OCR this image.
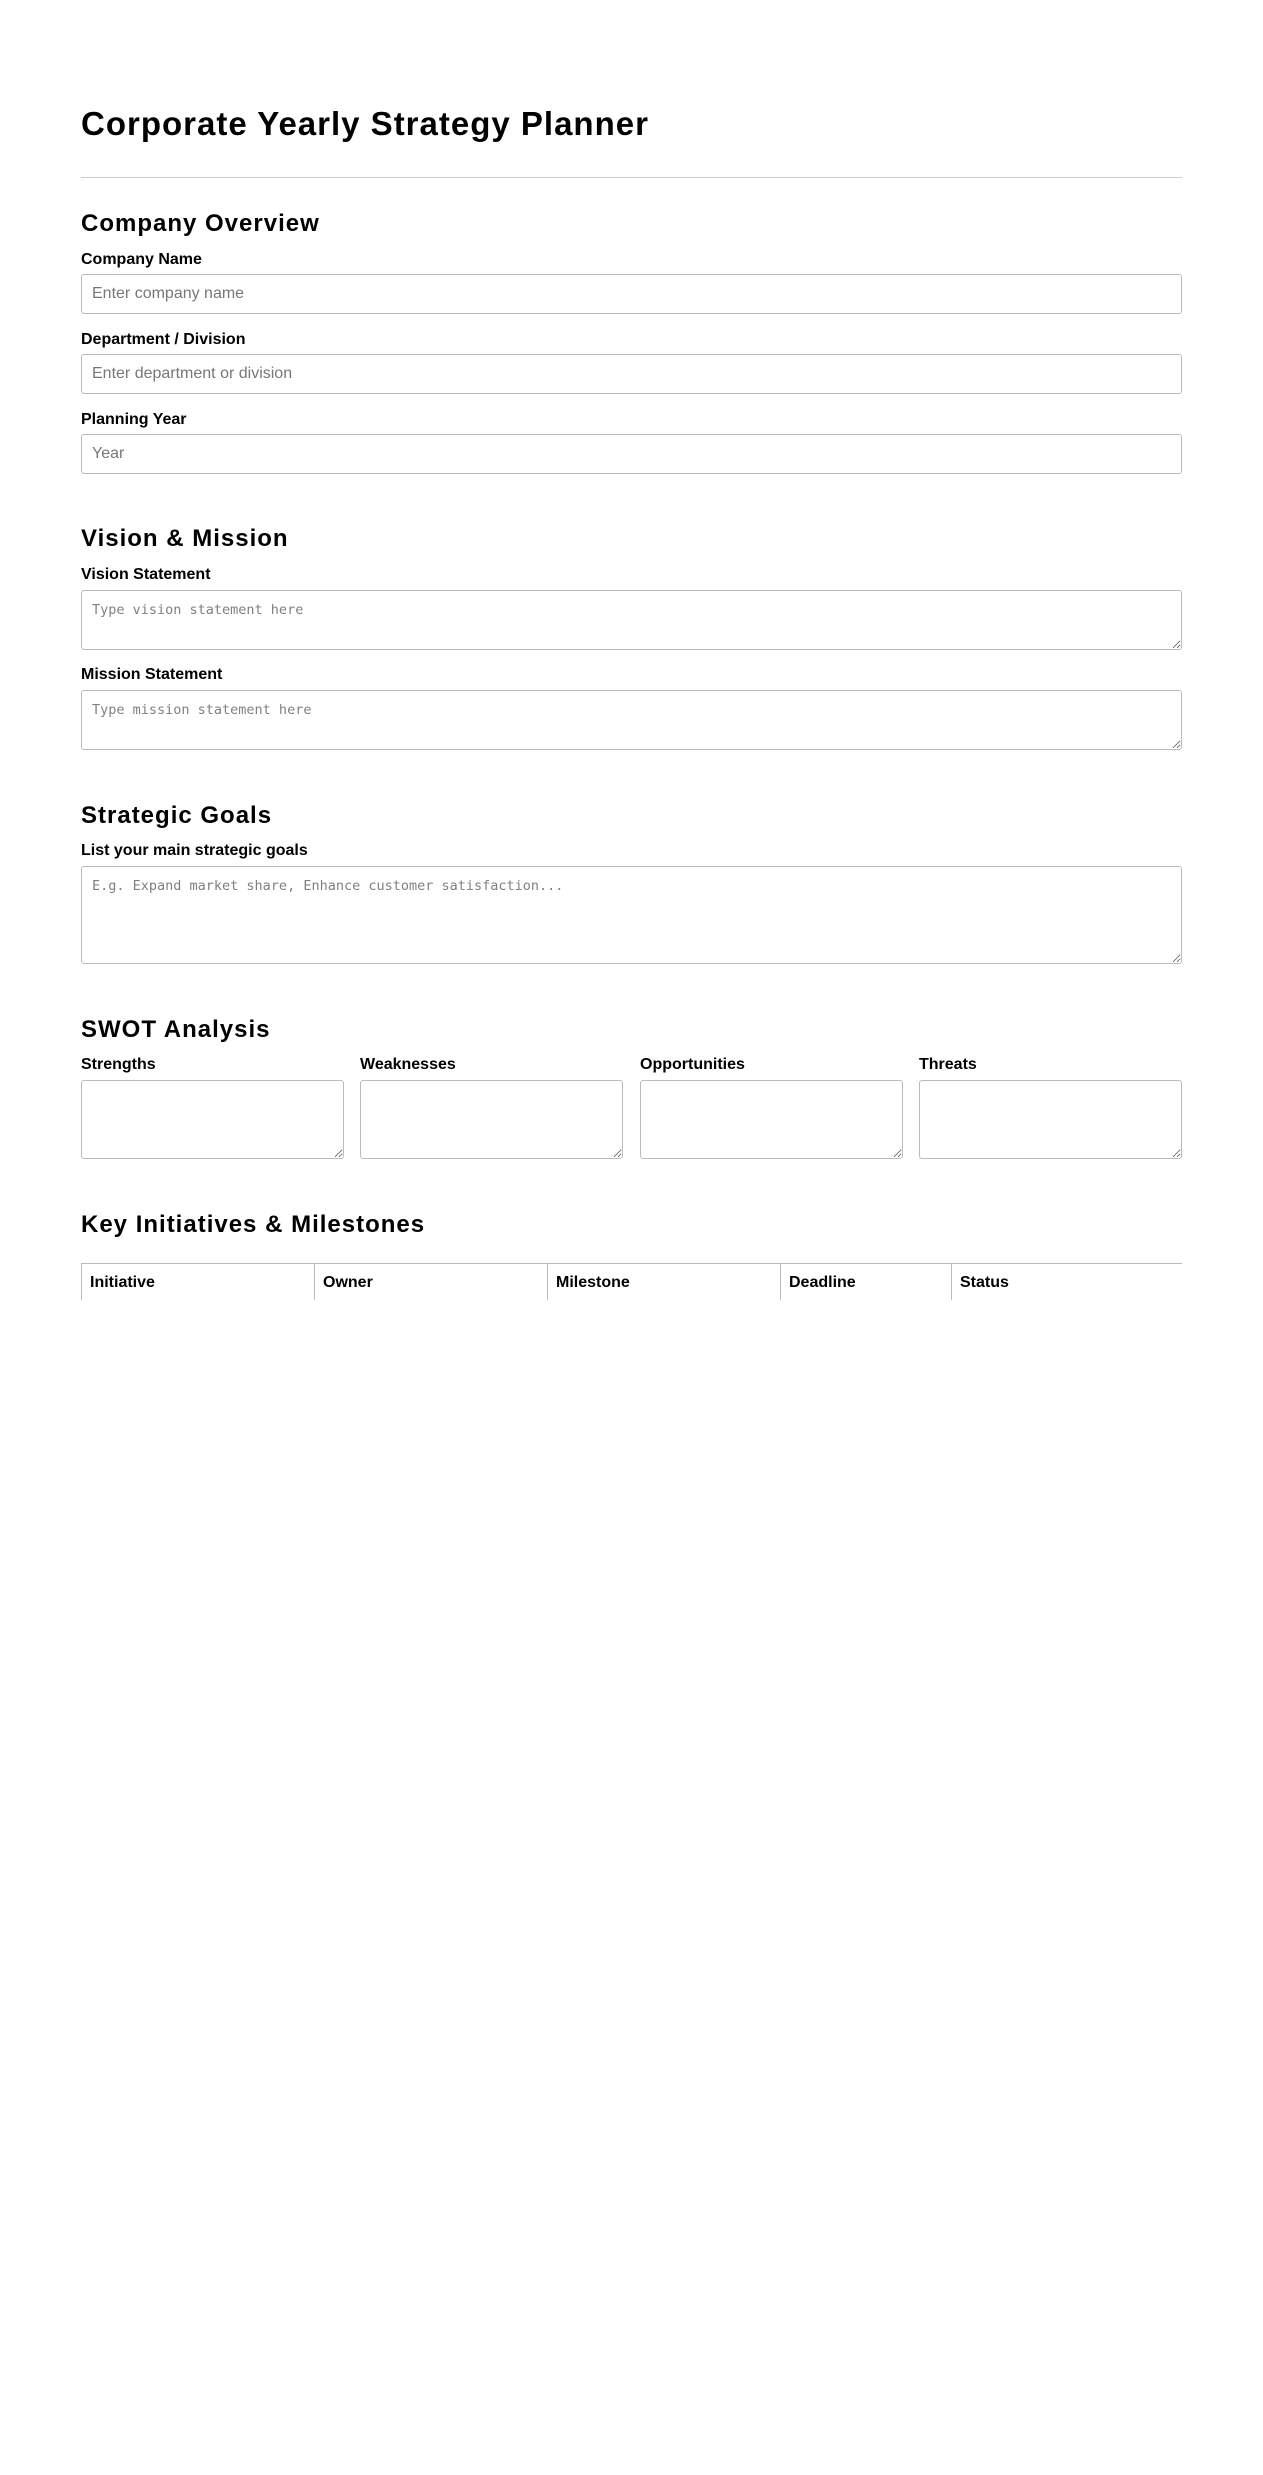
Corporate Yearly Strategy Planner
Company Overview
Company Name
Enter company name
Department / Division
Enter department or division
Planning Year
Year
Vision & Mission
Vision Statement
Type vision statement here
Mission Statement
Type mission statement here
Strategic Goals
List your main strategic goals
E.g. Expand market share, Enhance customer satisfaction...
SWOT Analysis
Strengths	Weaknesses	Opportunities	Threats
Key Initiatives & Milestones
Initiative	Owner	Milestone	Deadline	Status
